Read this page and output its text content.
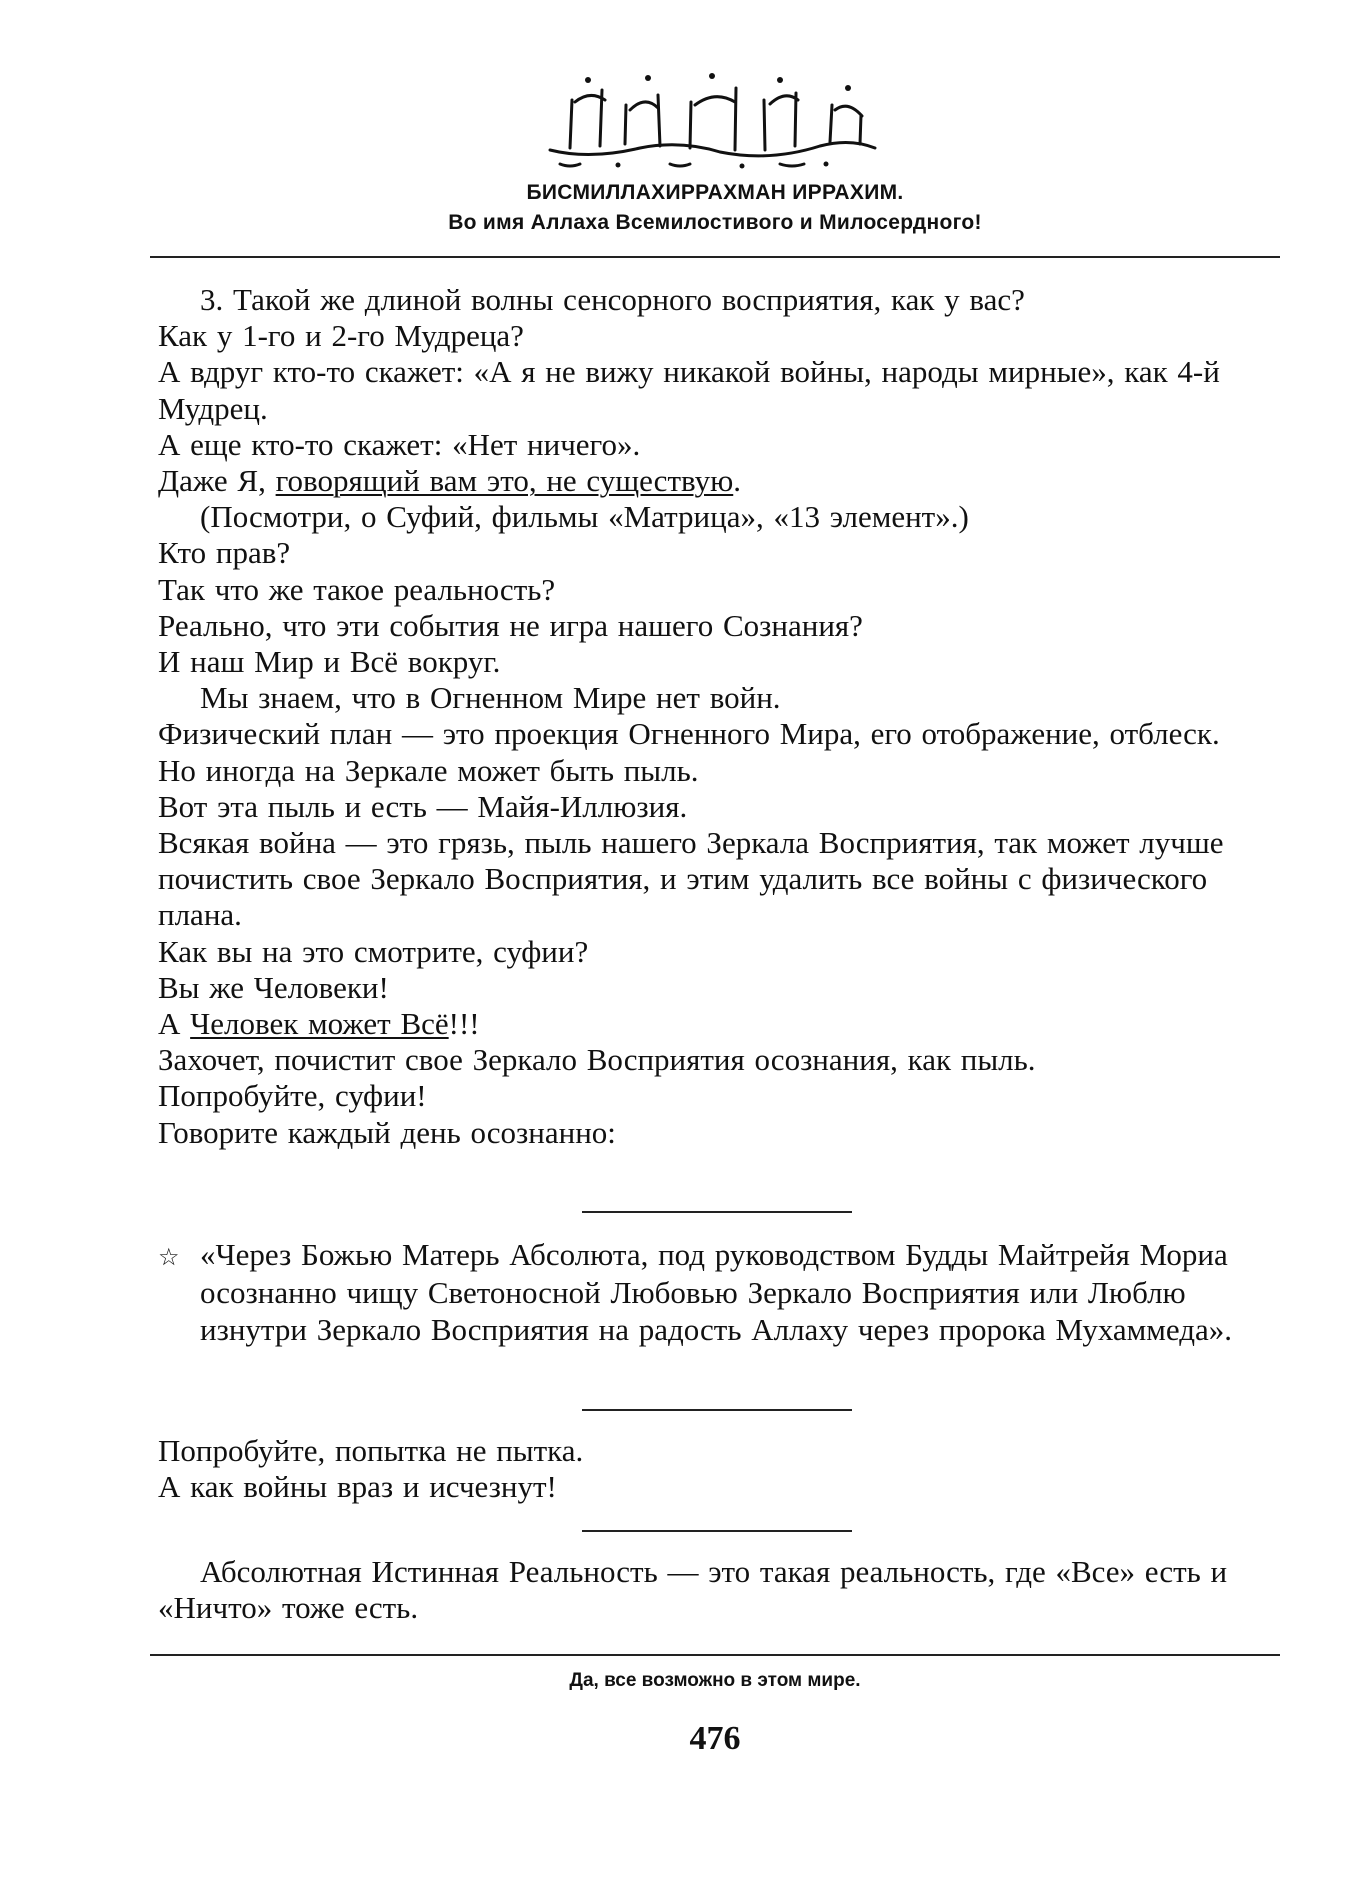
بِسْمِ ٱللَّٰهِ ٱلرَّحْمَٰنِ ٱلرَّحِيمِ
БИСМИЛЛАХИРРАХМАН ИРРАХИМ.
Во имя Аллаха Всемилостивого и Милосердного!

3. Такой же длиной волны сенсорного восприятия, как у вас?

Как у 1-го и 2-го Мудреца?

А вдруг кто-то скажет: «А я не вижу никакой войны, народы мирные», как 4-й Мудрец.

А еще кто-то скажет: «Нет ничего».

Даже Я, говорящий вам это, не существую.

(Посмотри, о Суфий, фильмы «Матрица», «13 элемент».)

Кто прав?

Так что же такое реальность?

Реально, что эти события не игра нашего Сознания?

И наш Мир и Всё вокруг.

Мы знаем, что в Огненном Мире нет войн.

Физический план — это проекция Огненного Мира, его отображение, отблеск.

Но иногда на Зеркале может быть пыль.

Вот эта пыль и есть — Майя-Иллюзия.

Всякая война — это грязь, пыль нашего Зеркала Восприятия, так может лучше почистить свое Зеркало Восприятия, и этим удалить все войны с физического плана.

Как вы на это смотрите, суфии?

Вы же Человеки!

А Человек может Всё!!!

Захочет, почистит свое Зеркало Восприятия осознания, как пыль.

Попробуйте, суфии!

Говорите каждый день осознанно:

☆ «Через Божью Матерь Абсолюта, под руководством Будды Майтрейя Мориа осознанно чищу Светоносной Любовью Зеркало Восприятия или Люблю изнутри Зеркало Восприятия на радость Аллаху через пророка Мухаммеда».

Попробуйте, попытка не пытка.

А как войны враз и исчезнут!

Абсолютная Истинная Реальность — это такая реальность, где «Все» есть и «Ничто» тоже есть.

Да, все возможно в этом мире.
476
